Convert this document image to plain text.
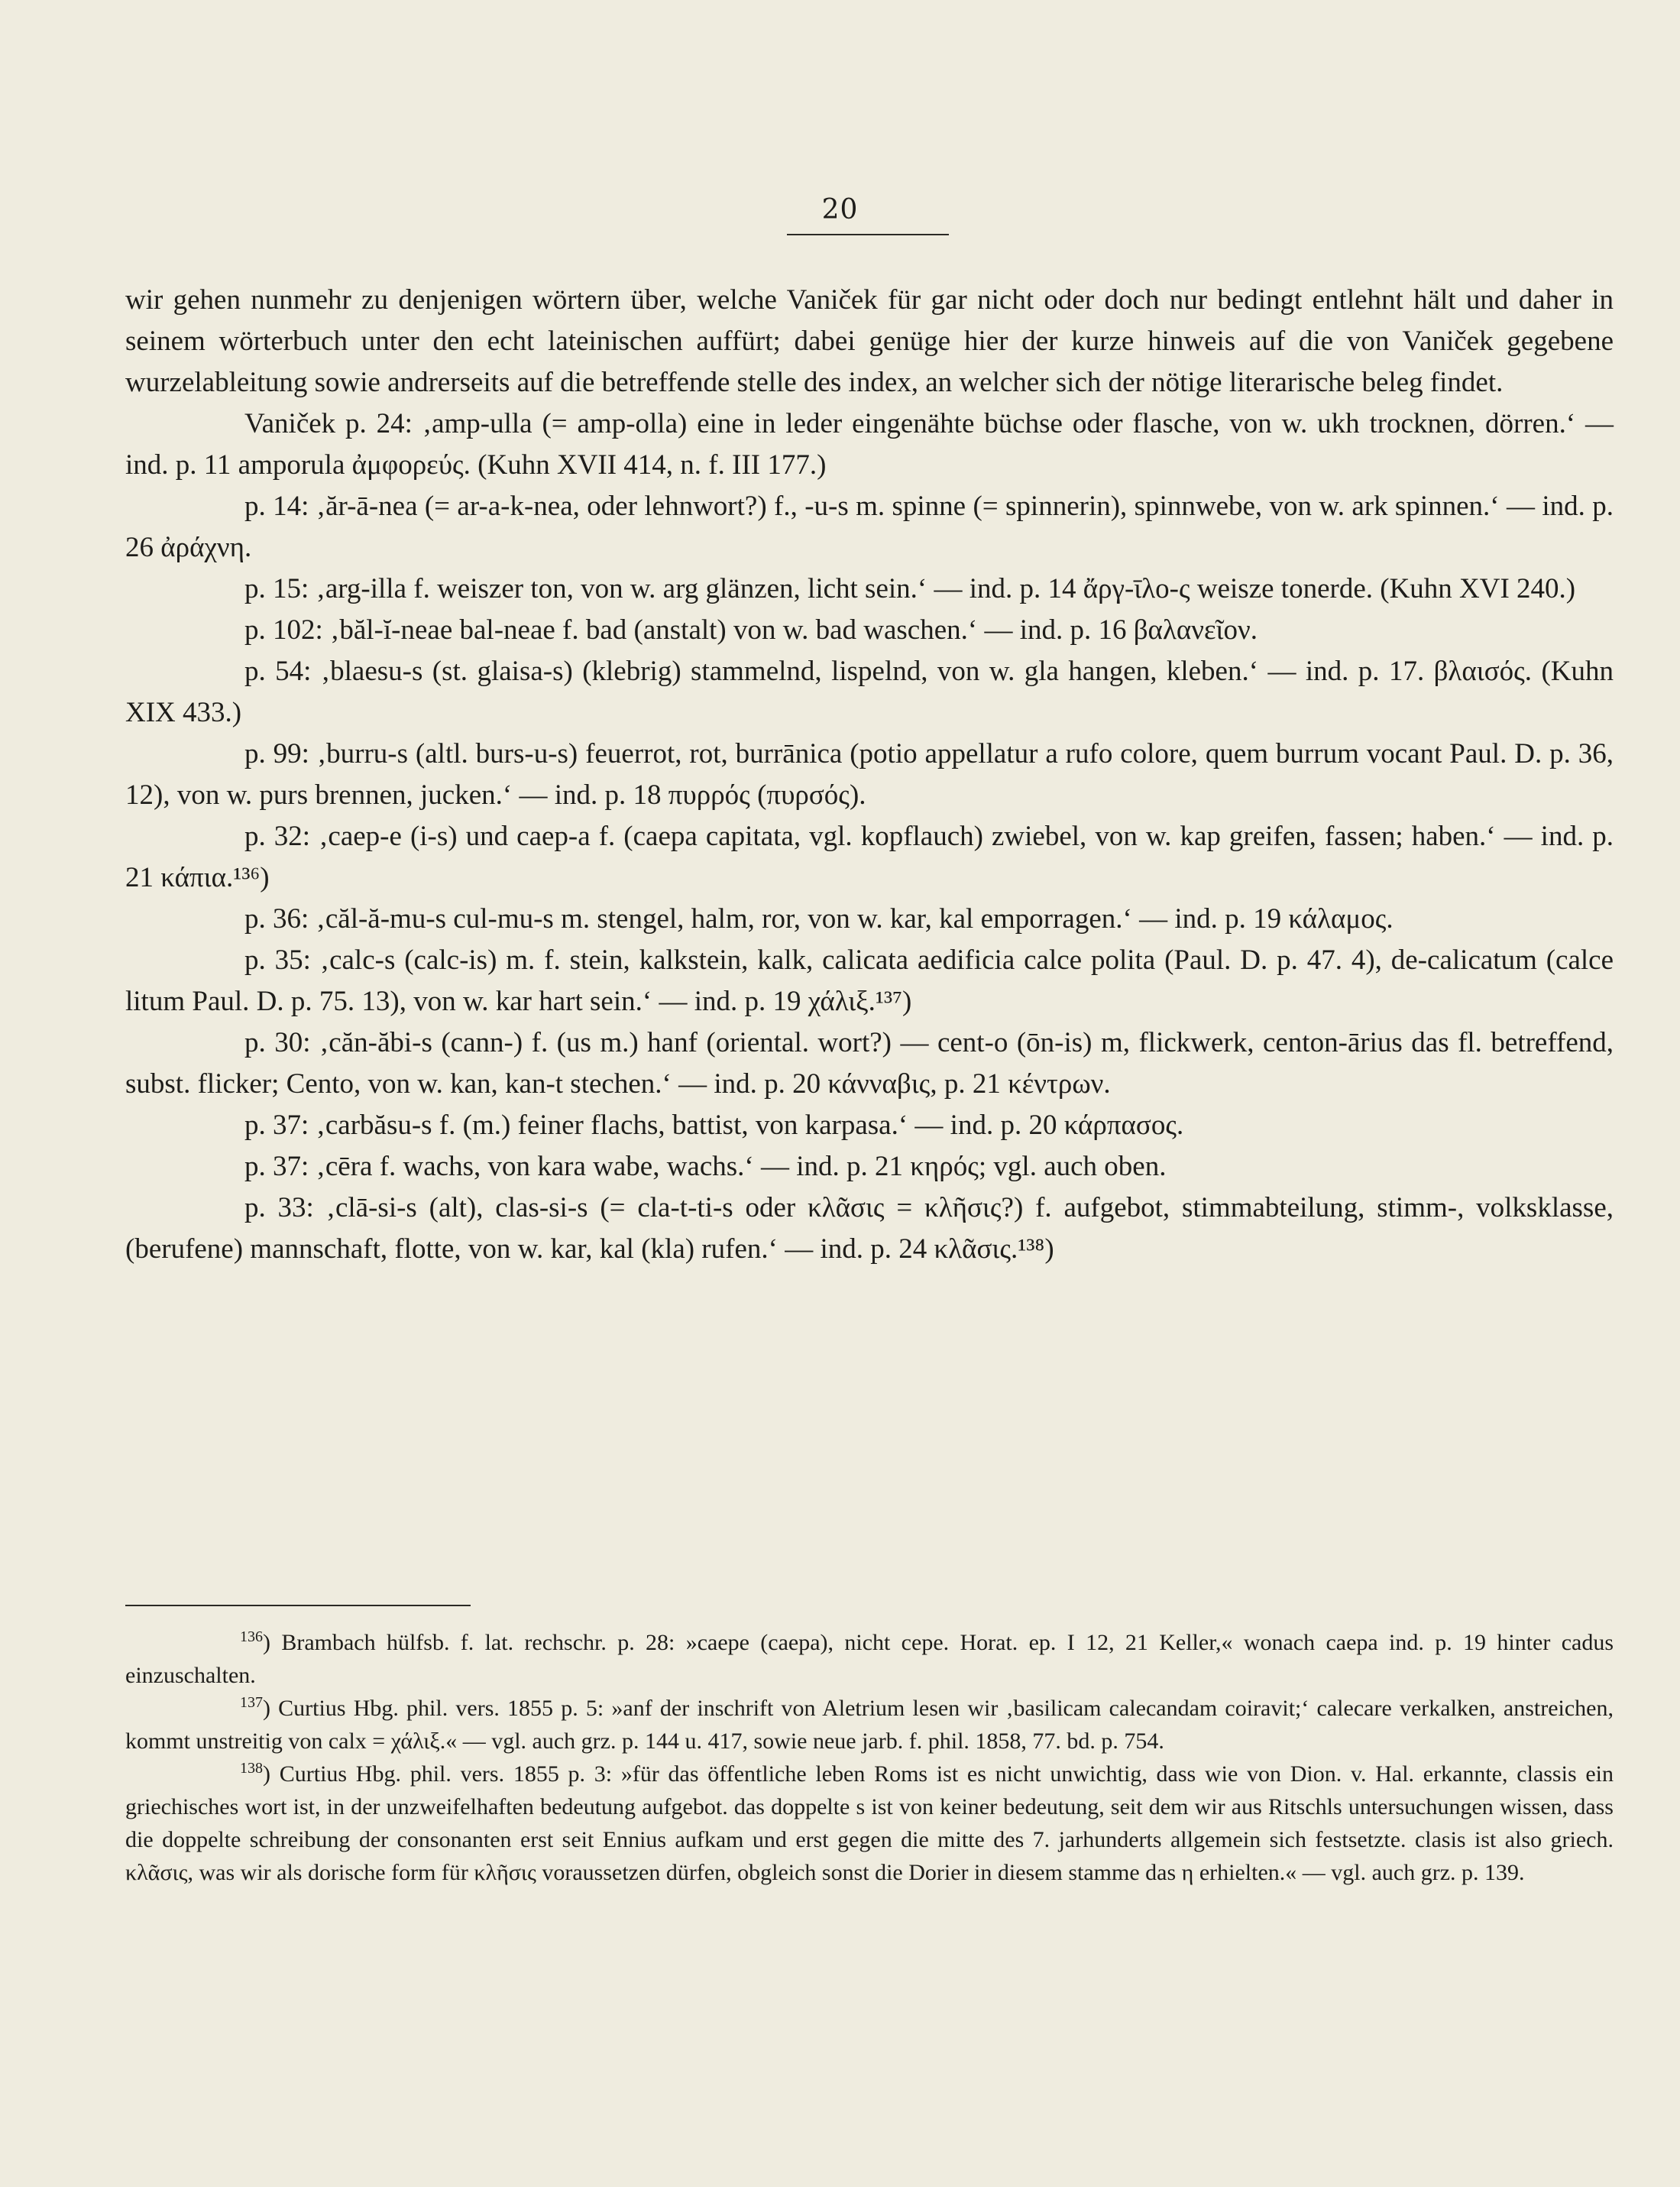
20

wir gehen nunmehr zu denjenigen wörtern über, welche Vaniček für gar nicht oder doch nur bedingt entlehnt hält und daher in seinem wörterbuch unter den echt lateinischen auffürt; dabei genüge hier der kurze hinweis auf die von Vaniček gegebene wurzelableitung sowie andrerseits auf die betreffende stelle des index, an welcher sich der nötige literarische beleg findet.

Vaniček p. 24: ‚amp-ulla (= amp-olla) eine in leder eingenähte büchse oder flasche, von w. ukh trocknen, dörren.‘ — ind. p. 11 amporula ἀμφορεύς. (Kuhn XVII 414, n. f. III 177.)

p. 14: ‚ăr-ā-nea (= ar-a-k-nea, oder lehnwort?) f., -u-s m. spinne (= spinnerin), spinnwebe, von w. ark spinnen.‘ — ind. p. 26 ἀράχνη.

p. 15: ‚arg-illa f. weiszer ton, von w. arg glänzen, licht sein.‘ — ind. p. 14 ἄργ-ῑλο-ς weisze tonerde. (Kuhn XVI 240.)

p. 102: ‚băl-ĭ-neae bal-neae f. bad (anstalt) von w. bad waschen.‘ — ind. p. 16 βαλανεῖον.

p. 54: ‚blaesu-s (st. glaisa-s) (klebrig) stammelnd, lispelnd, von w. gla hangen, kleben.‘ — ind. p. 17. βλαισός. (Kuhn XIX 433.)

p. 99: ‚burru-s (altl. burs-u-s) feuerrot, rot, burrānica (potio appellatur a rufo colore, quem burrum vocant Paul. D. p. 36, 12), von w. purs brennen, jucken.‘ — ind. p. 18 πυρρός (πυρσός).

p. 32: ‚caep-e (i-s) und caep-a f. (caepa capitata, vgl. kopflauch) zwiebel, von w. kap greifen, fassen; haben.‘ — ind. p. 21 κάπια.¹³⁶)

p. 36: ‚căl-ă-mu-s cul-mu-s m. stengel, halm, ror, von w. kar, kal emporragen.‘ — ind. p. 19 κάλαμος.

p. 35: ‚calc-s (calc-is) m. f. stein, kalkstein, kalk, calicata aedificia calce polita (Paul. D. p. 47. 4), de-calicatum (calce litum Paul. D. p. 75. 13), von w. kar hart sein.‘ — ind. p. 19 χάλιξ.¹³⁷)

p. 30: ‚căn-ăbi-s (cann-) f. (us m.) hanf (oriental. wort?) — cent-o (ōn-is) m, flickwerk, centon-ārius das fl. betreffend, subst. flicker; Cento, von w. kan, kan-t stechen.‘ — ind. p. 20 κάνναβις, p. 21 κέντρων.

p. 37: ‚carbăsu-s f. (m.) feiner flachs, battist, von karpasa.‘ — ind. p. 20 κάρπασος.

p. 37: ‚cēra f. wachs, von kara wabe, wachs.‘ — ind. p. 21 κηρός; vgl. auch oben.

p. 33: ‚clā-si-s (alt), clas-si-s (= cla-t-ti-s oder κλᾶσις = κλῆσις?) f. aufgebot, stimmabteilung, stimm-, volksklasse, (berufene) mannschaft, flotte, von w. kar, kal (kla) rufen.‘ — ind. p. 24 κλᾶσις.¹³⁸)

$^{136}$) Brambach hülfsb. f. lat. rechschr. p. 28: »caepe (caepa), nicht cepe. Horat. ep. I 12, 21 Keller,« wonach caepa ind. p. 19 hinter cadus einzuschalten.

$^{137}$) Curtius Hbg. phil. vers. 1855 p. 5: »anf der inschrift von Aletrium lesen wir ‚basilicam calecandam coiravit;‘ calecare verkalken, anstreichen, kommt unstreitig von calx = χάλιξ.« — vgl. auch grz. p. 144 u. 417, sowie neue jarb. f. phil. 1858, 77. bd. p. 754.

$^{138}$) Curtius Hbg. phil. vers. 1855 p. 3: »für das öffentliche leben Roms ist es nicht unwichtig, dass wie von Dion. v. Hal. erkannte, classis ein griechisches wort ist, in der unzweifelhaften bedeutung aufgebot. das doppelte s ist von keiner bedeutung, seit dem wir aus Ritschls untersuchungen wissen, dass die doppelte schreibung der consonanten erst seit Ennius aufkam und erst gegen die mitte des 7. jarhunderts allgemein sich festsetzte. clasis ist also griech. κλᾶσις, was wir als dorische form für κλῆσις voraussetzen dürfen, obgleich sonst die Dorier in diesem stamme das η erhielten.« — vgl. auch grz. p. 139.
